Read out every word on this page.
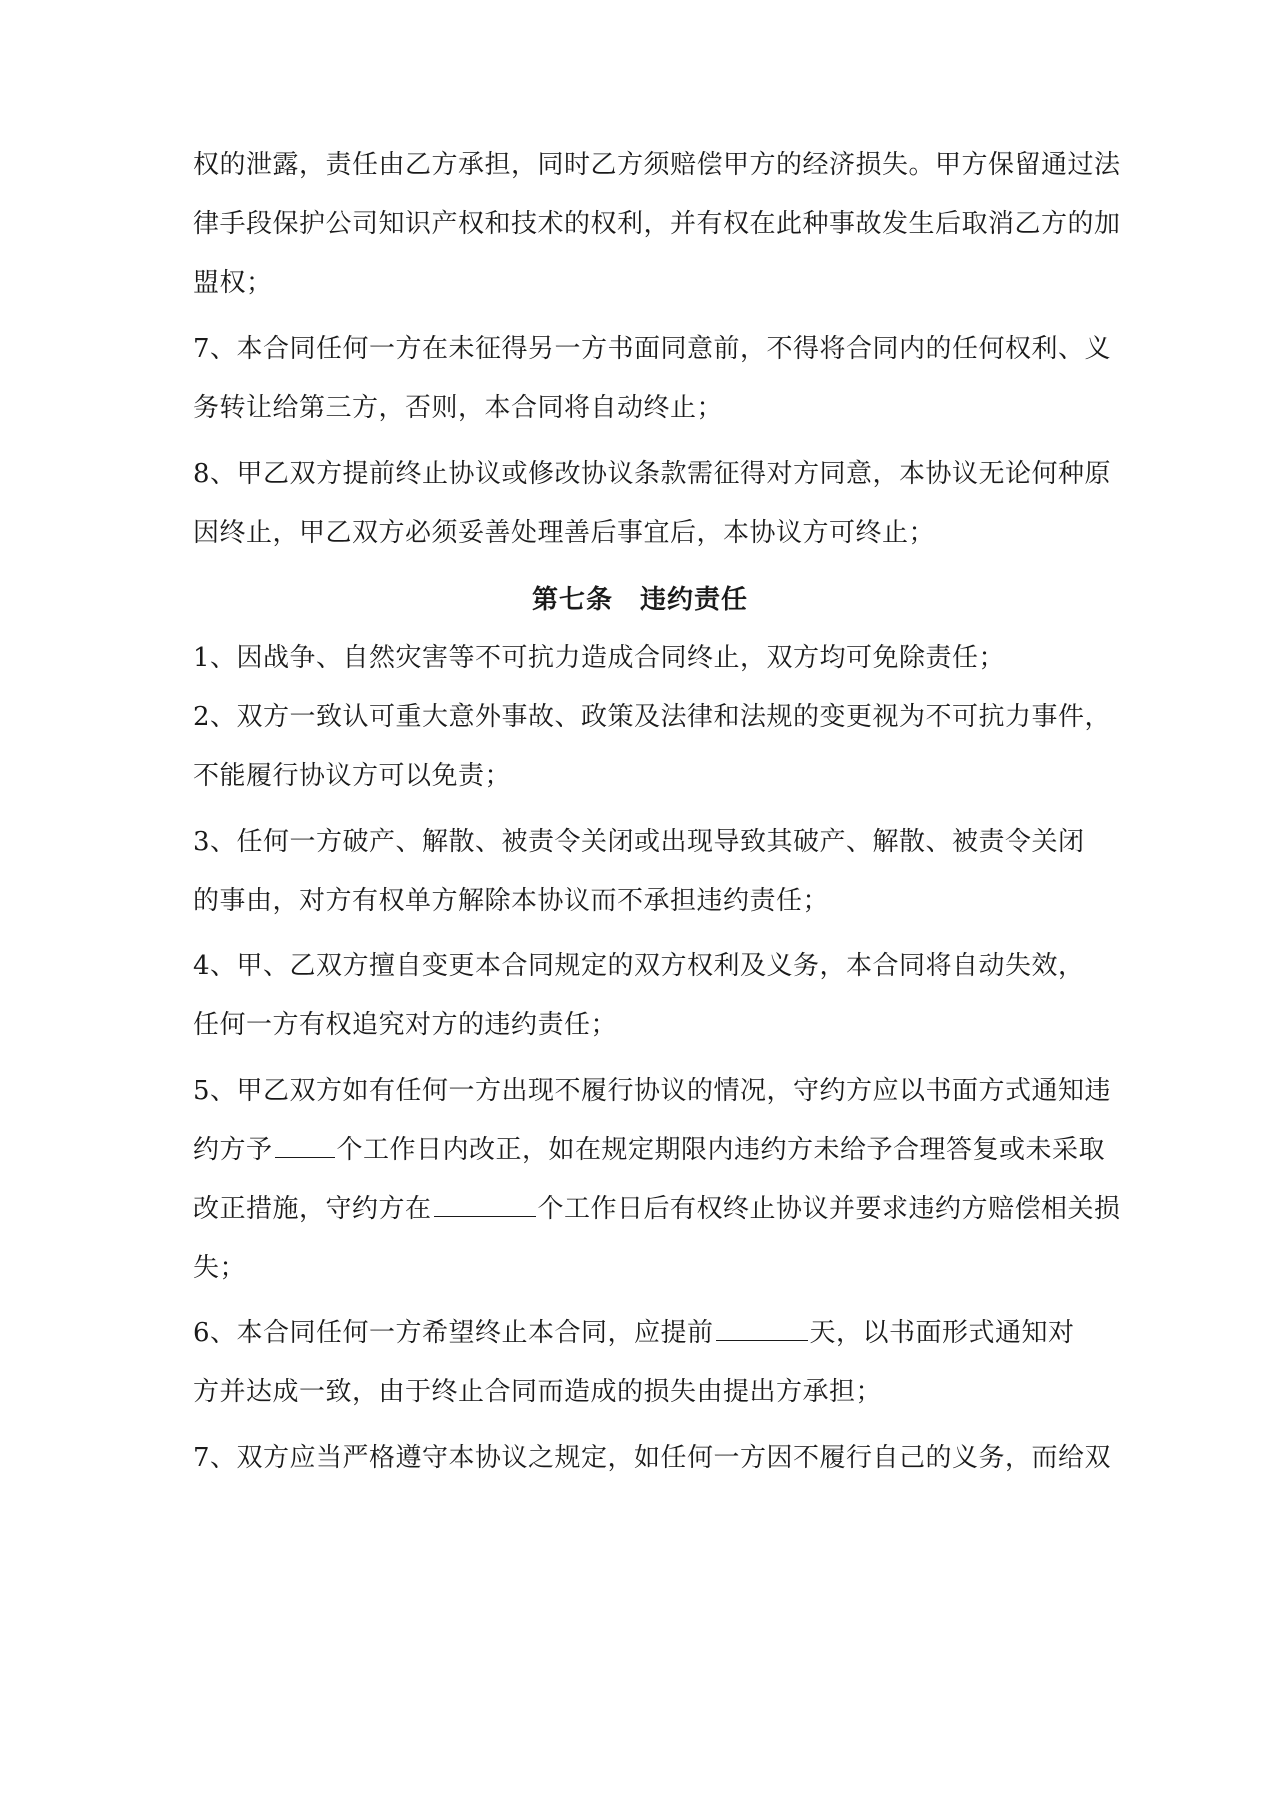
权的泄露，责任由乙方承担，同时乙方须赔偿甲方的经济损失。甲方保留通过法
律手段保护公司知识产权和技术的权利，并有权在此种事故发生后取消乙方的加
盟权；
7、本合同任何一方在未征得另一方书面同意前，不得将合同内的任何权利、义
务转让给第三方，否则，本合同将自动终止；
8、甲乙双方提前终止协议或修改协议条款需征得对方同意，本协议无论何种原
因终止，甲乙双方必须妥善处理善后事宜后，本协议方可终止；
第七条　违约责任
1、因战争、自然灾害等不可抗力造成合同终止，双方均可免除责任；
2、双方一致认可重大意外事故、政策及法律和法规的变更视为不可抗力事件，
不能履行协议方可以免责；
3、任何一方破产、解散、被责令关闭或出现导致其破产、解散、被责令关闭
的事由，对方有权单方解除本协议而不承担违约责任；
4、甲、乙双方擅自变更本合同规定的双方权利及义务，本合同将自动失效，
任何一方有权追究对方的违约责任；
5、甲乙双方如有任何一方出现不履行协议的情况，守约方应以书面方式通知违
约方予 个工作日内改正，如在规定期限内违约方未给予合理答复或未采取
改正措施，守约方在	个工作日后有权终止协议并要求违约方赔偿相关损
失；
6、本合同任何一方希望终止本合同，应提前	天，以书面形式通知对
方并达成一致，由于终止合同而造成的损失由提出方承担；
7、双方应当严格遵守本协议之规定，如任何一方因不履行自己的义务，而给双
